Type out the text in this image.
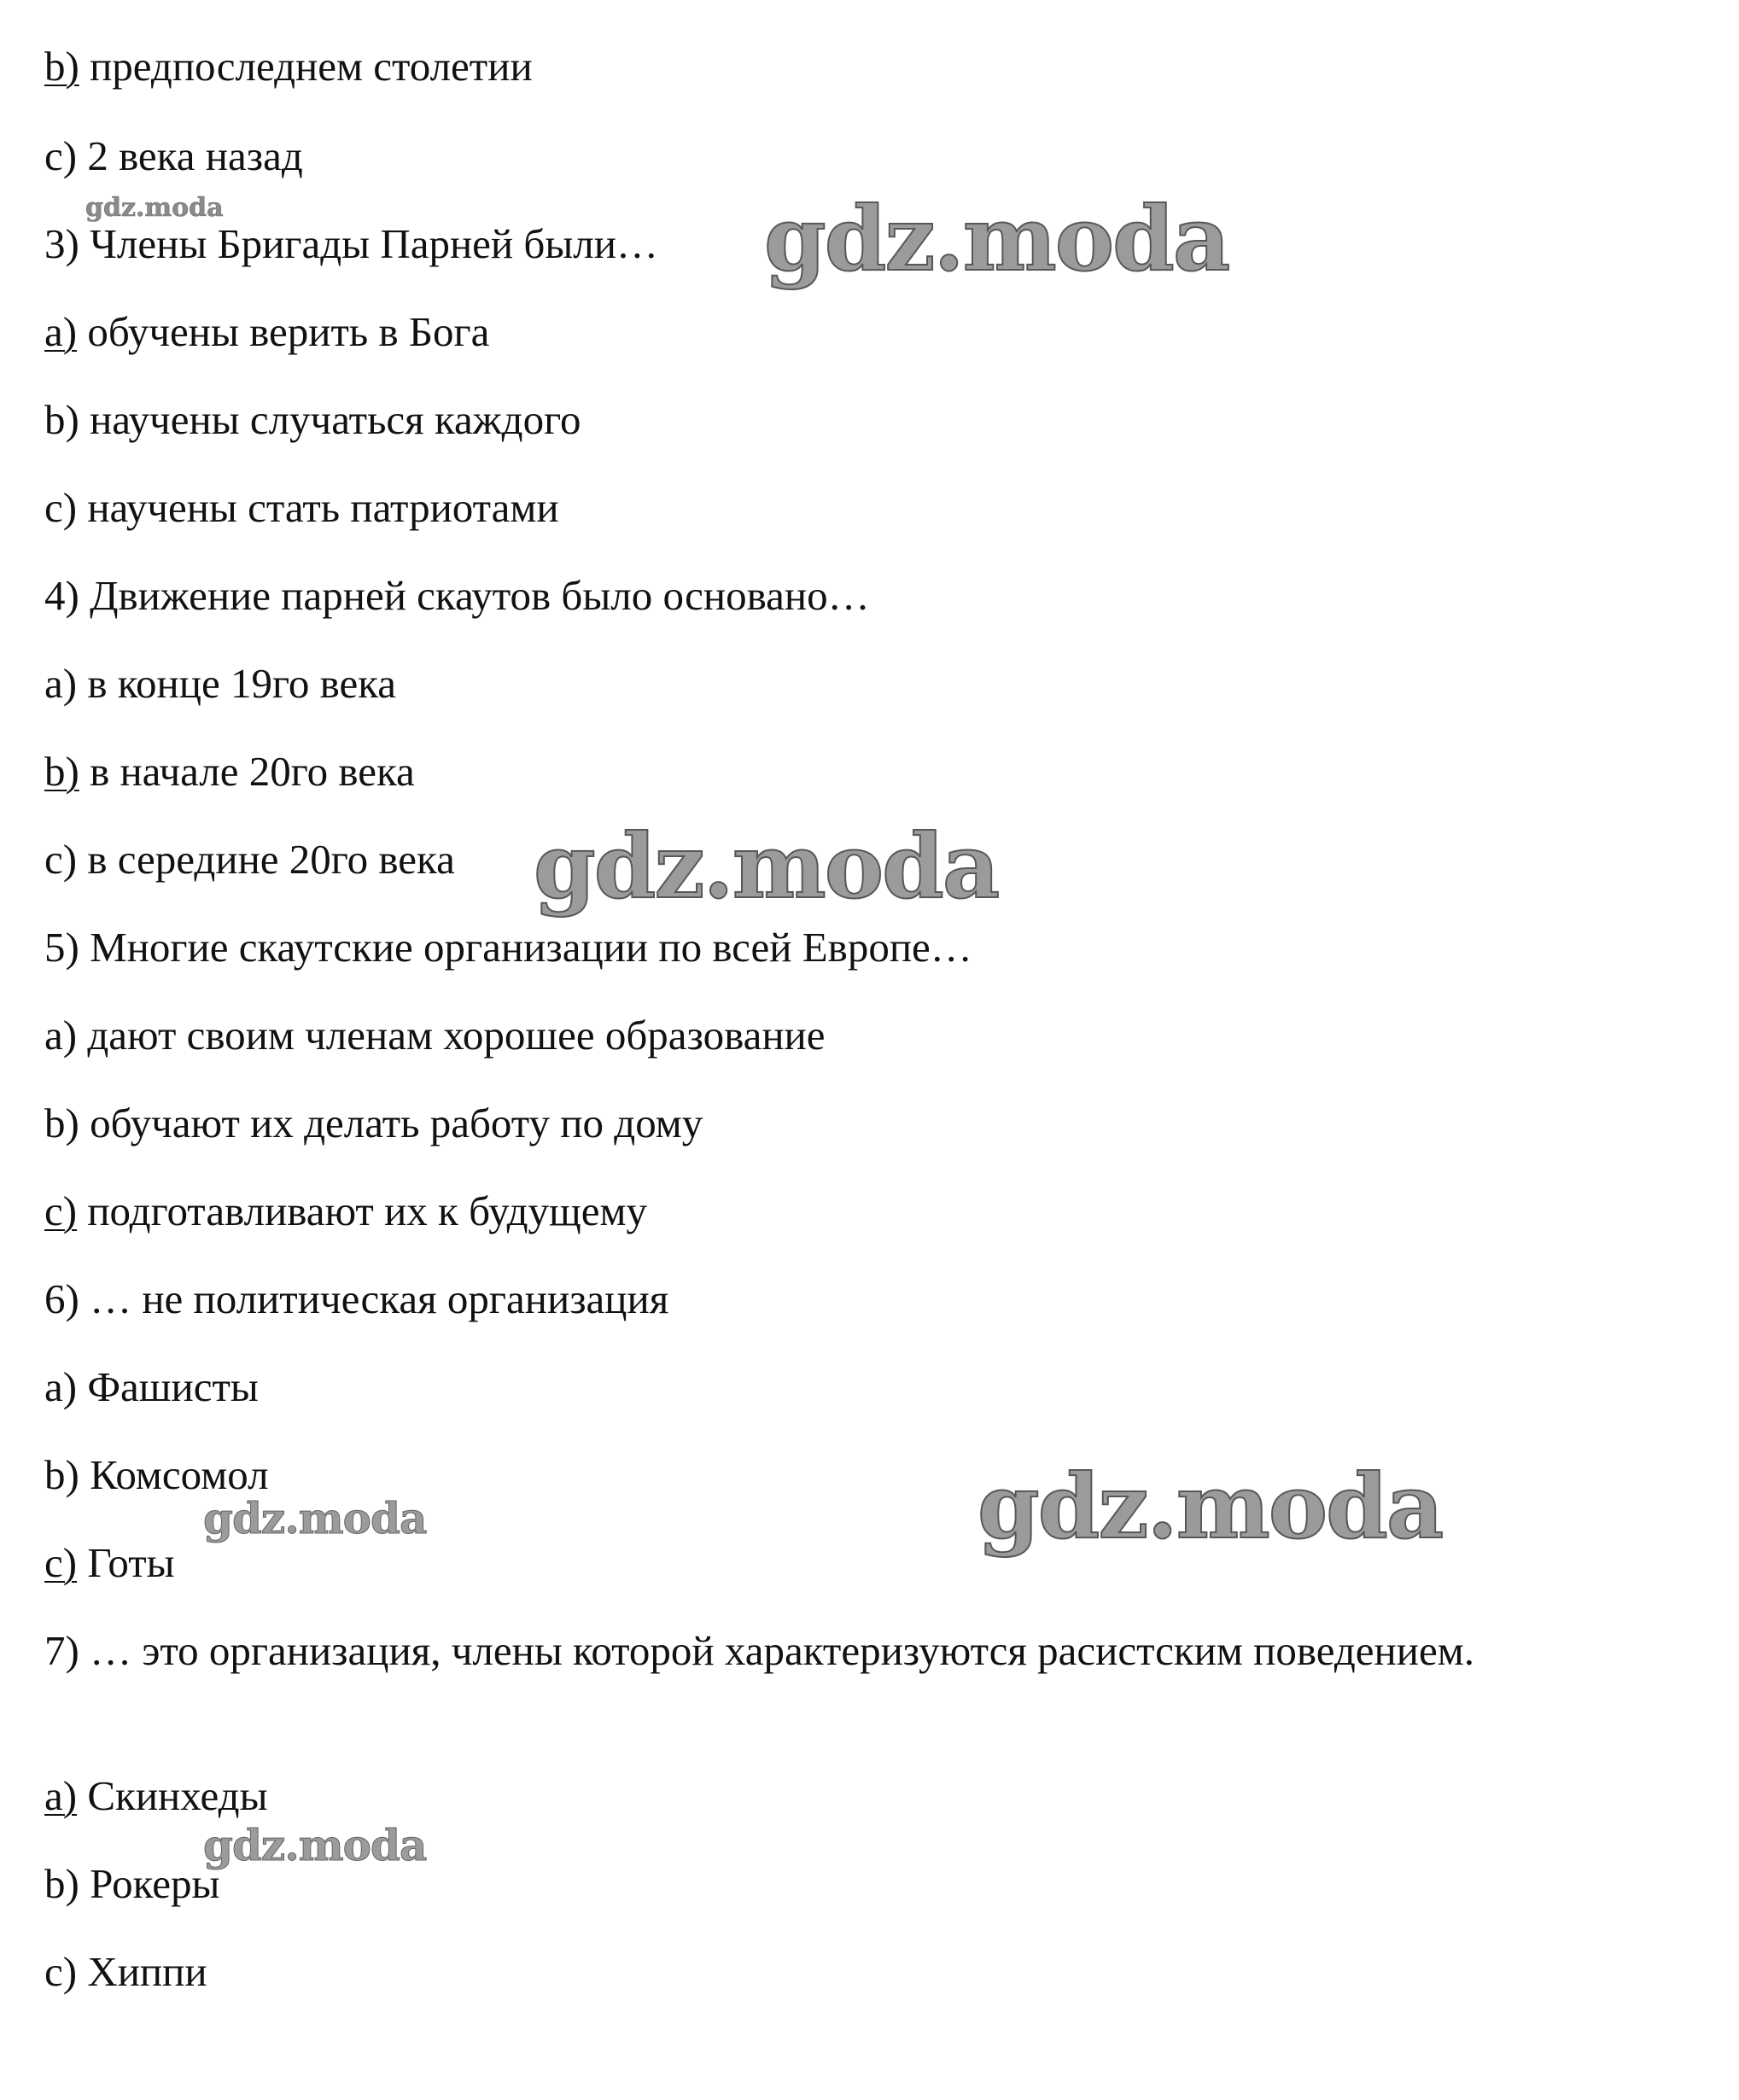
b) предпоследнем столетии

c) 2 века назад

3) Члены Бригады Парней были…

a) обучены верить в Бога

b) научены случаться каждого

c) научены стать патриотами

4) Движение парней скаутов было основано…

a) в конце 19го века

b) в начале 20го века

c) в середине 20го века

5) Многие скаутские организации по всей Европе…

a) дают своим членам хорошее образование

b) обучают их делать работу по дому

c) подготавливают их к будущему

6) … не политическая организация

a) Фашисты

b) Комсомол

c) Готы

7) … это организация, члены которой характеризуются расистским поведением.

a) Скинхеды

b) Рокеры

c) Хиппи

gdz.moda	gdz.moda
gdz.moda
gdz.moda
gdz.moda
gdz.moda
